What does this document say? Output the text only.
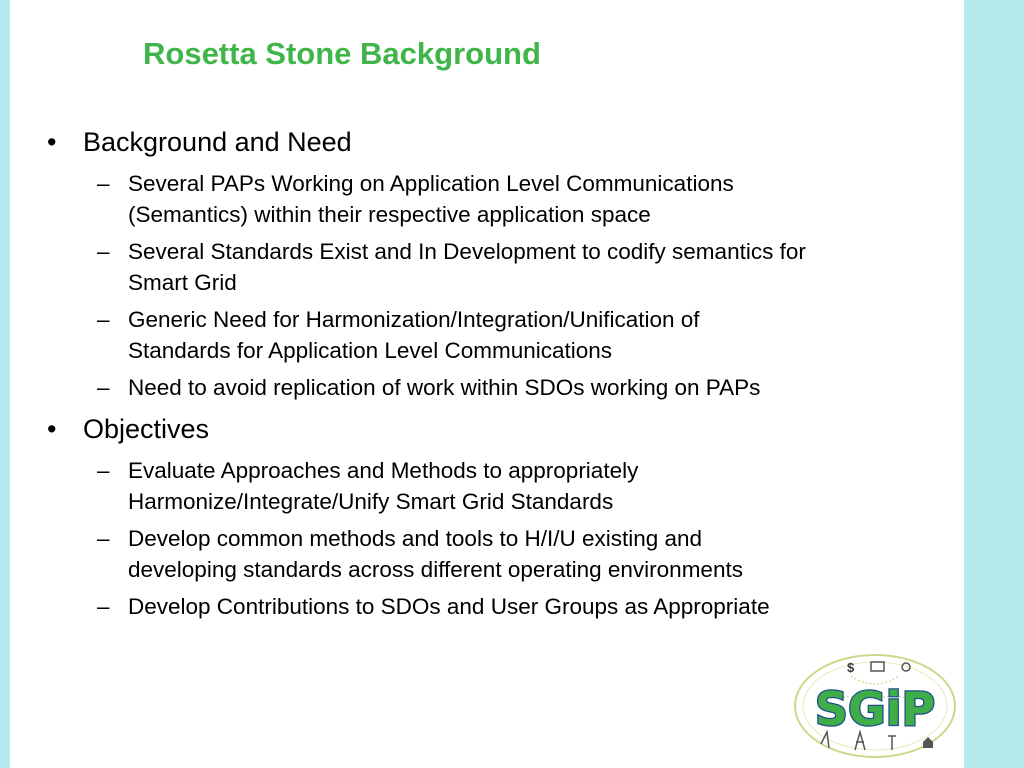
Rosetta Stone Background
• Background and Need
– Several PAPs Working on Application Level Communications
(Semantics) within their respective application space
– Several Standards Exist and In Development to codify semantics for
Smart Grid
– Generic Need for Harmonization/Integration/Unification of
Standards for Application Level Communications
– Need to avoid replication of work within SDOs working on PAPs
• Objectives
– Evaluate Approaches and Methods to appropriately
Harmonize/Integrate/Unify Smart Grid Standards
– Develop common methods and tools to H/I/U existing and
developing standards across different operating environments
– Develop Contributions to SDOs and User Groups as Appropriate
$
SGiP
